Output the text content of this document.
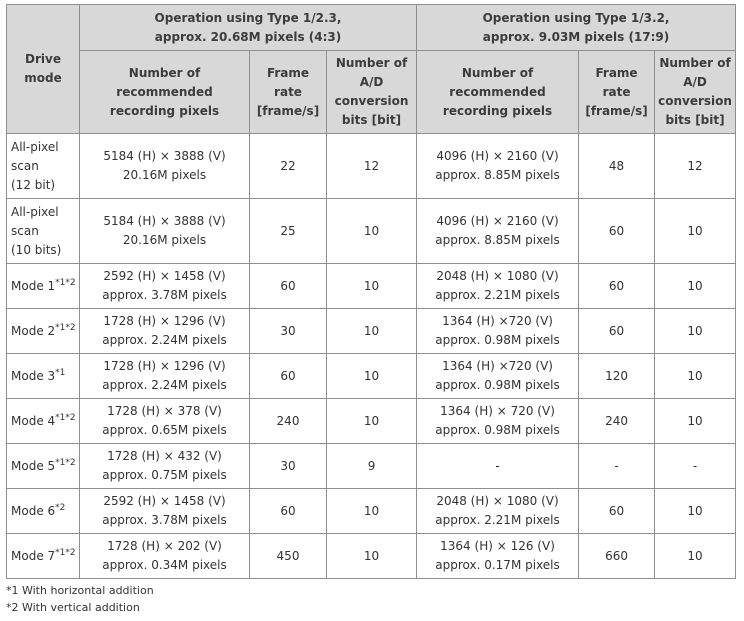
Drive
mode	Operation using Type 1/2.3,
approx. 20.68M pixels (4:3)			Operation using Type 1/3.2,
approx. 9.03M pixels (17:9)		
	Number of
recommended
recording pixels	Frame
rate
[frame/s]	Number of
A/D
conversion
bits [bit]	Number of
recommended
recording pixels	Frame
rate
[frame/s]	Number of
A/D
conversion
bits [bit]
All-pixel
scan
(12 bit)	5184 (H) × 3888 (V)
20.16M pixels	22	12	4096 (H) × 2160 (V)
approx. 8.85M pixels	48	12
All-pixel
scan
(10 bits)	5184 (H) × 3888 (V)
20.16M pixels	25	10	4096 (H) × 2160 (V)
approx. 8.85M pixels	60	10
Mode $1^{*1*2}$	2592 (H) × 1458 (V)
approx. 3.78M pixels	60	10	2048 (H) × 1080 (V)
approx. 2.21M pixels	60	10
Mode $2^{*1*2}$	1728 (H) × 1296 (V)
approx. 2.24M pixels	30	10	1364 (H) ×720 (V)
approx. 0.98M pixels	60	10
Mode 3$^{*1}$	1728 (H) × 1296 (V)
approx. 2.24M pixels	60	10	1364 (H) ×720 (V)
approx. 0.98M pixels	120	10
Mode $4^{*1*2}$	1728 (H) × 378 (V)
approx. 0.65M pixels	240	10	1364 (H) × 720 (V)
approx. 0.98M pixels	240	10
Mode $5^{*1*2}$	1728 (H) × 432 (V)
approx. 0.75M pixels	30	9	-	-	-
Mode 6$^{*2}$	2592 (H) × 1458 (V)
approx. 3.78M pixels	60	10	2048 (H) × 1080 (V)
approx. 2.21M pixels	60	10
Mode $7^{*1*2}$	1728 (H) × 202 (V)
approx. 0.34M pixels	450	10	1364 (H) × 126 (V)
approx. 0.17M pixels	660	10
*1 With horizontal addition
*2 With vertical addition
